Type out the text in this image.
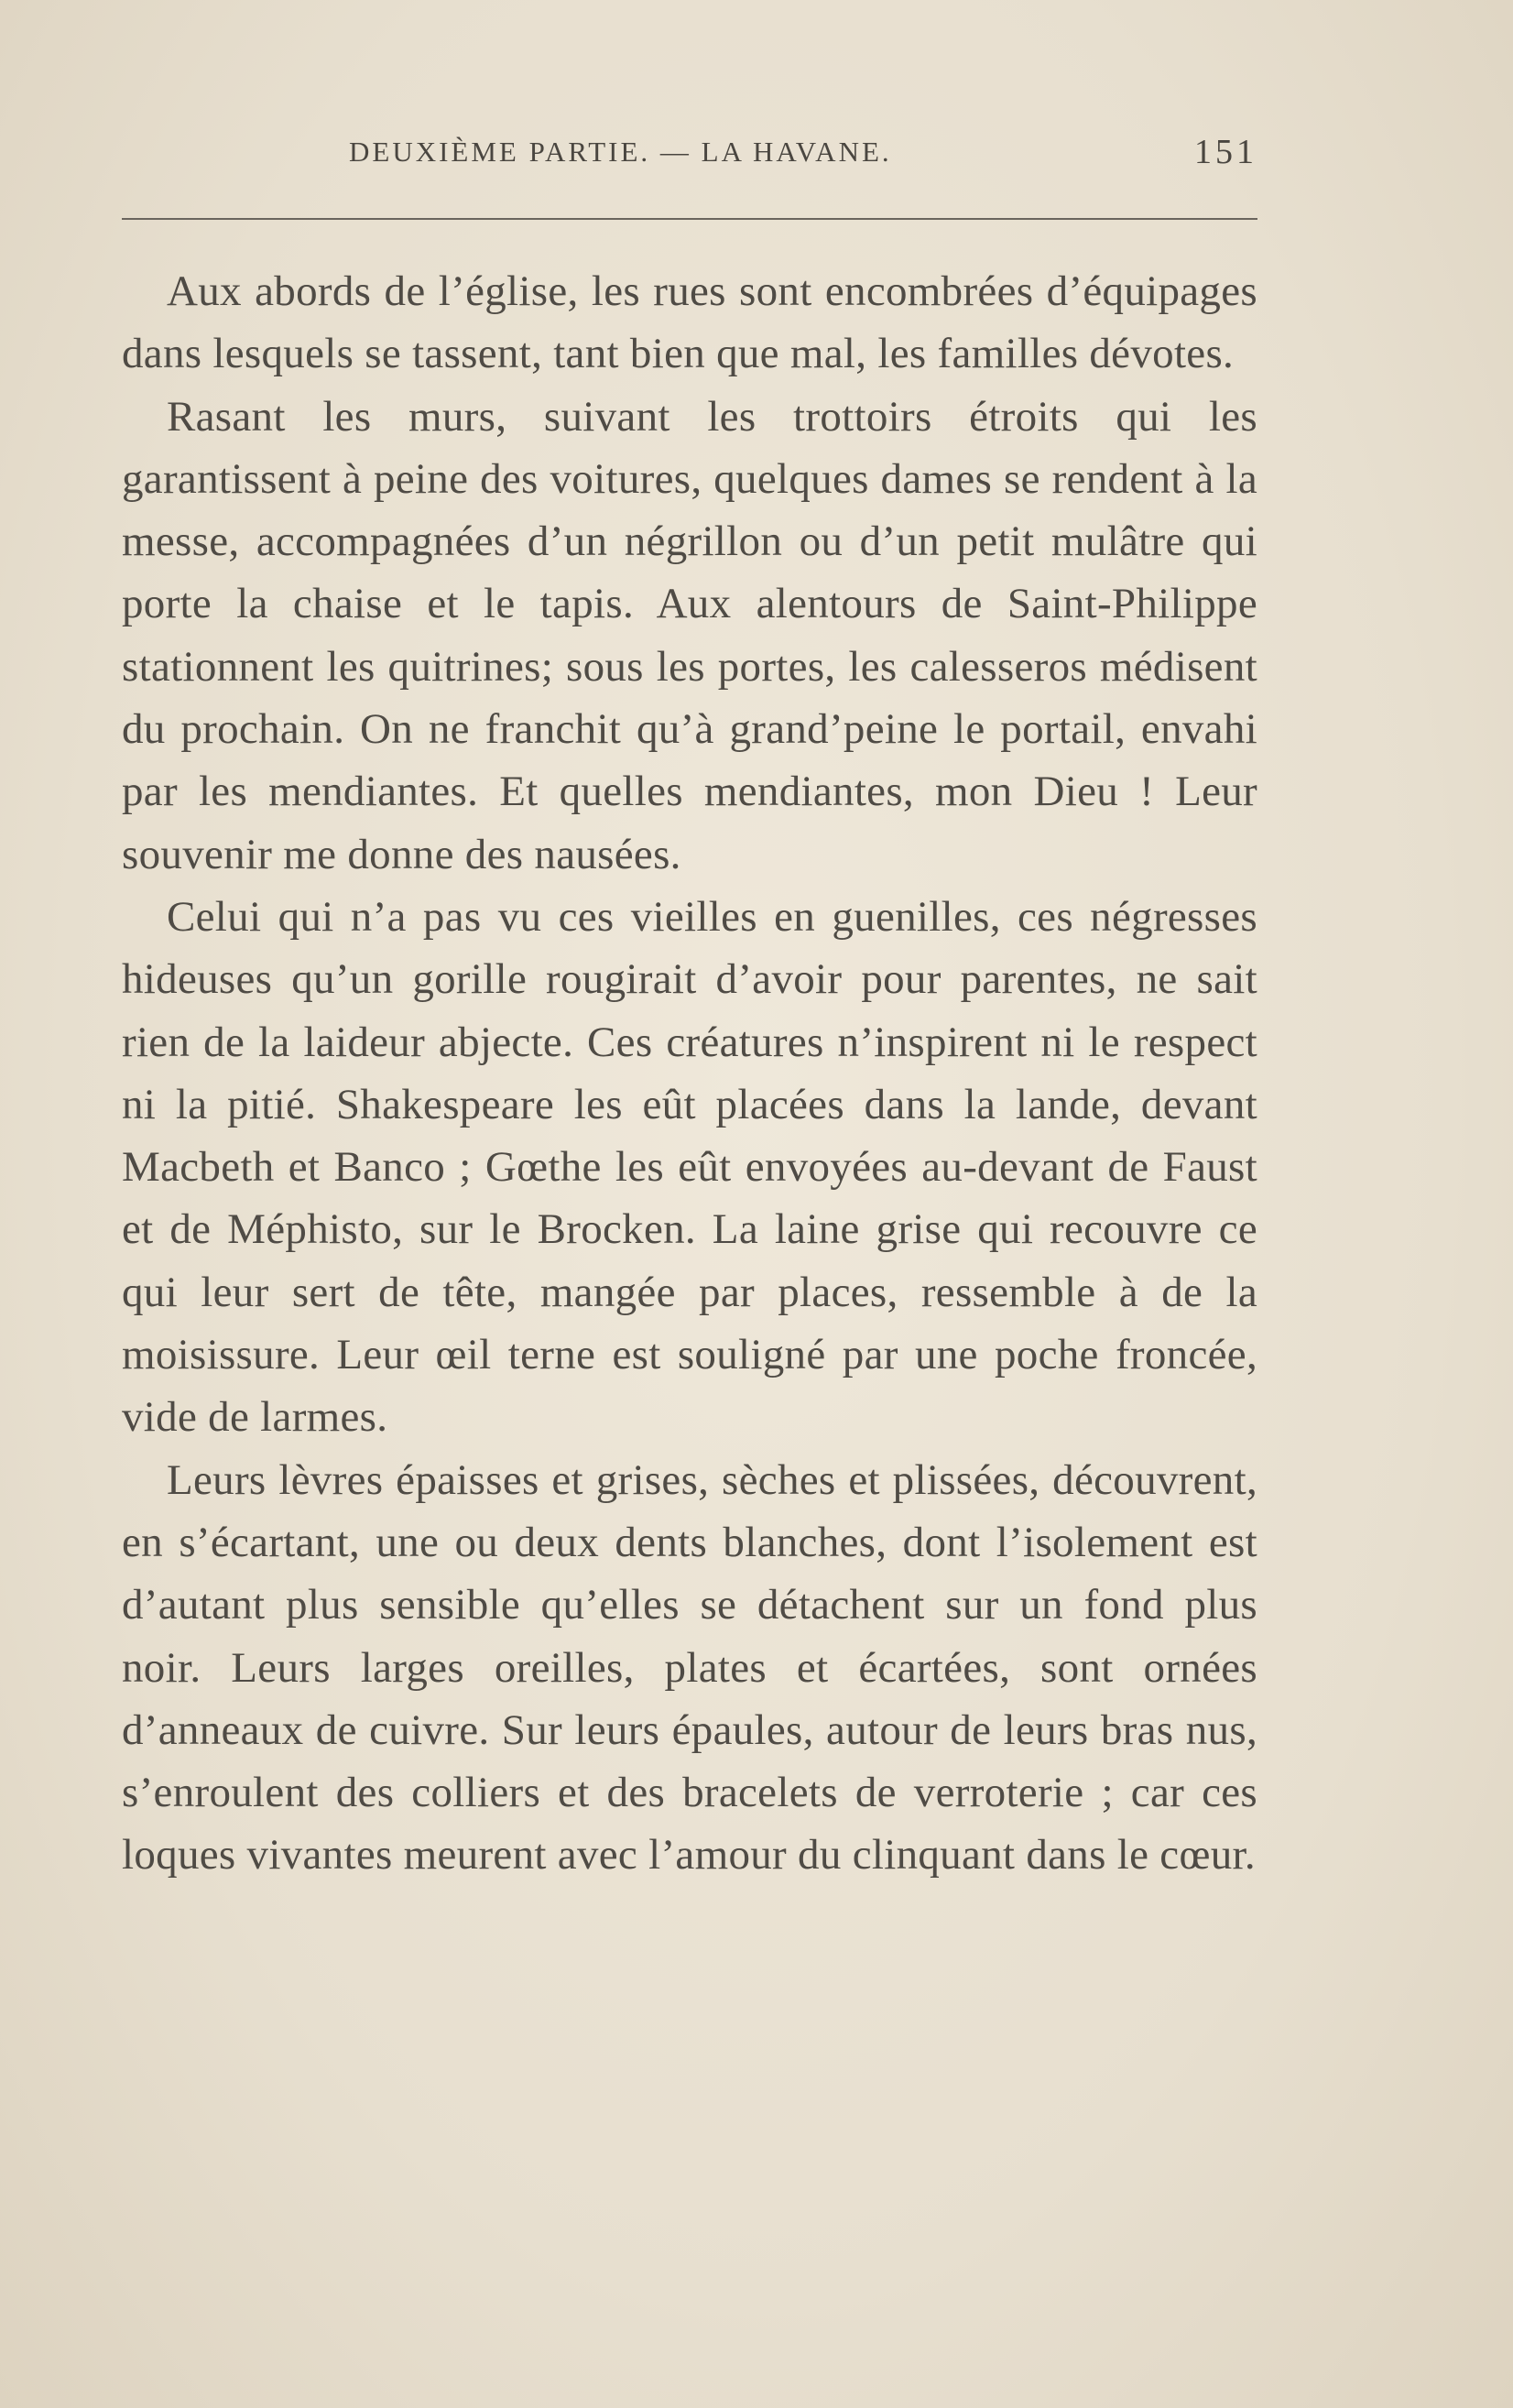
DEUXIÈME PARTIE. — LA HAVANE.	151

Aux abords de l’église, les rues sont encombrées d’équipages dans lesquels se tassent, tant bien que mal, les familles dévotes.

Rasant les murs, suivant les trottoirs étroits qui les garantissent à peine des voitures, quelques dames se rendent à la messe, accompagnées d’un négrillon ou d’un petit mulâtre qui porte la chaise et le tapis. Aux alentours de Saint-Philippe stationnent les quitrines; sous les portes, les calesseros médisent du prochain. On ne franchit qu’à grand’peine le portail, envahi par les mendiantes. Et quelles mendiantes, mon Dieu ! Leur souvenir me donne des nausées.

Celui qui n’a pas vu ces vieilles en guenilles, ces négresses hideuses qu’un gorille rougirait d’avoir pour parentes, ne sait rien de la laideur abjecte. Ces créatures n’inspirent ni le respect ni la pitié. Shakespeare les eût placées dans la lande, devant Macbeth et Banco ; Gœthe les eût envoyées au-devant de Faust et de Méphisto, sur le Brocken. La laine grise qui recouvre ce qui leur sert de tête, mangée par places, ressemble à de la moisissure. Leur œil terne est souligné par une poche froncée, vide de larmes.

Leurs lèvres épaisses et grises, sèches et plissées, découvrent, en s’écartant, une ou deux dents blanches, dont l’isolement est d’autant plus sensible qu’elles se détachent sur un fond plus noir. Leurs larges oreilles, plates et écartées, sont ornées d’anneaux de cuivre. Sur leurs épaules, autour de leurs bras nus, s’enroulent des colliers et des bracelets de verroterie ; car ces loques vivantes meurent avec l’amour du clinquant dans le cœur.
